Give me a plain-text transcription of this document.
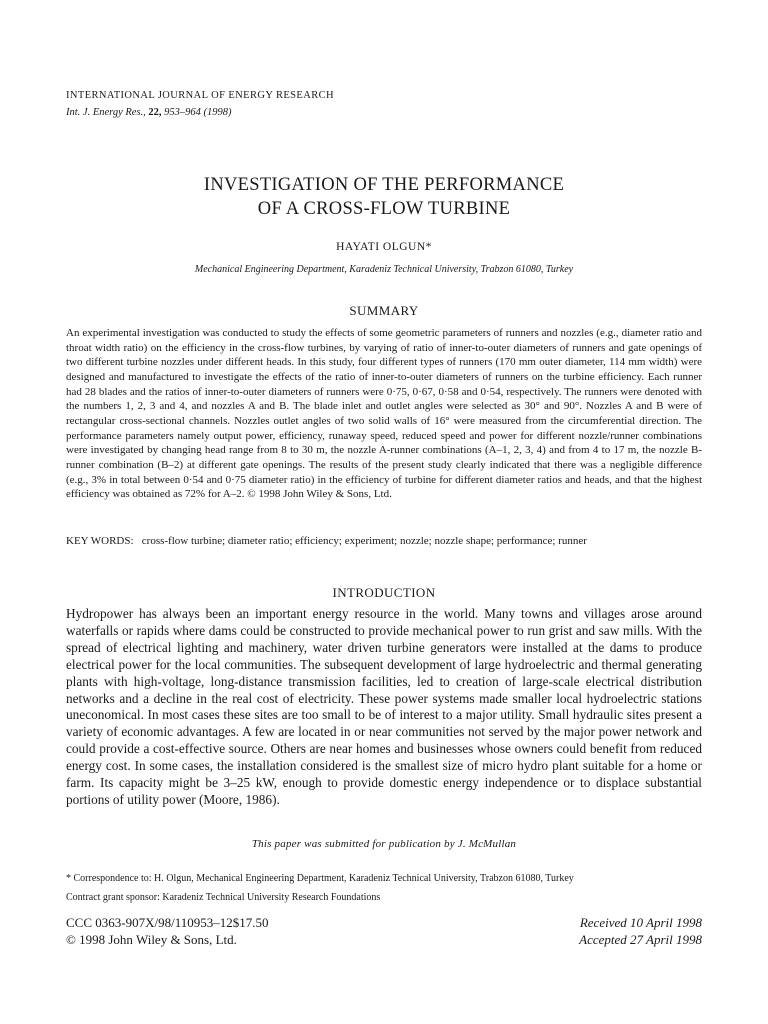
INTERNATIONAL JOURNAL OF ENERGY RESEARCH

Int. J. Energy Res., 22, 953–964 (1998)

INVESTIGATION OF THE PERFORMANCE
OF A CROSS-FLOW TURBINE

HAYATI OLGUN*

Mechanical Engineering Department, Karadeniz Technical University, Trabzon 61080, Turkey

SUMMARY

An experimental investigation was conducted to study the effects of some geometric parameters of runners and nozzles (e.g., diameter ratio and throat width ratio) on the efficiency in the cross-flow turbines, by varying of ratio of inner-to-outer diameters of runners and gate openings of two different turbine nozzles under different heads. In this study, four different types of runners (170 mm outer diameter, 114 mm width) were designed and manufactured to investigate the effects of the ratio of inner-to-outer diameters of runners on the turbine efficiency. Each runner had 28 blades and the ratios of inner-to-outer diameters of runners were 0·75, 0·67, 0·58 and 0·54, respectively. The runners were denoted with the numbers 1, 2, 3 and 4, and nozzles A and B. The blade inlet and outlet angles were selected as 30° and 90°. Nozzles A and B were of rectangular cross-sectional channels. Nozzles outlet angles of two solid walls of 16° were measured from the circumferential direction. The performance parameters namely output power, efficiency, runaway speed, reduced speed and power for different nozzle/runner combinations were investigated by changing head range from 8 to 30 m, the nozzle A-runner combinations (A–1, 2, 3, 4) and from 4 to 17 m, the nozzle B-runner combination (B–2) at different gate openings. The results of the present study clearly indicated that there was a negligible difference (e.g., 3% in total between 0·54 and 0·75 diameter ratio) in the efficiency of turbine for different diameter ratios and heads, and that the highest efficiency was obtained as 72% for A–2. © 1998 John Wiley & Sons, Ltd.

KEY WORDS: cross-flow turbine; diameter ratio; efficiency; experiment; nozzle; nozzle shape; performance; runner

INTRODUCTION

Hydropower has always been an important energy resource in the world. Many towns and villages arose around waterfalls or rapids where dams could be constructed to provide mechanical power to run grist and saw mills. With the spread of electrical lighting and machinery, water driven turbine generators were installed at the dams to produce electrical power for the local communities. The subsequent development of large hydroelectric and thermal generating plants with high-voltage, long-distance transmission facilities, led to creation of large-scale electrical distribution networks and a decline in the real cost of electricity. These power systems made smaller local hydroelectric stations uneconomical. In most cases these sites are too small to be of interest to a major utility. Small hydraulic sites present a variety of economic advantages. A few are located in or near communities not served by the major power network and could provide a cost-effective source. Others are near homes and businesses whose owners could benefit from reduced energy cost. In some cases, the installation considered is the smallest size of micro hydro plant suitable for a home or farm. Its capacity might be 3–25 kW, enough to provide domestic energy independence or to displace substantial portions of utility power (Moore, 1986).

This paper was submitted for publication by J. McMullan

* Correspondence to: H. Olgun, Mechanical Engineering Department, Karadeniz Technical University, Trabzon 61080, Turkey

Contract grant sponsor: Karadeniz Technical University Research Foundations

CCC 0363-907X/98/110953–12$17.50
© 1998 John Wiley & Sons, Ltd.
Received 10 April 1998
Accepted 27 April 1998
